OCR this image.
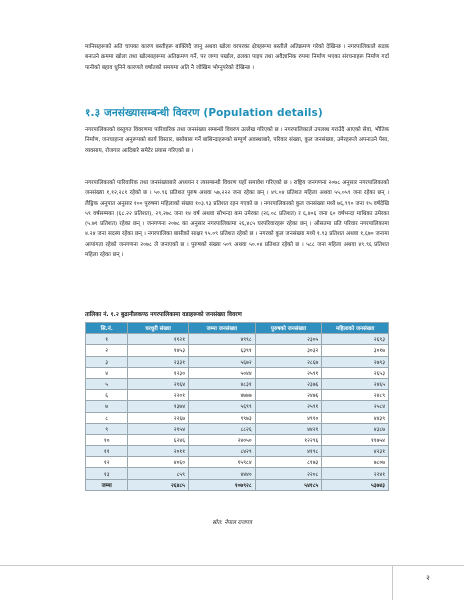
मानिसहरूको अति चापका कारण बस्तीहरू बाक्लिदै जानु अथवा खोला वरपरका क्षेत्रहरूमा बस्तीले अतिक्रमण गरेको देखिन्छ । नगरपालिकाले सडक बनाउने क्रममा खोला तथा खोल्साहरूमा अतिक्रमण गर्ने, पर जग्गा पर्खाल, ढलका पाइप तथा अवैज्ञानिक रुपमा निर्माण भएका संरचनाहरू निर्माण गर्दा पानीको बहाव धुनिने कारणले वर्षातको समयमा अति नै जोखिम भोग्नुपरेको देखिन्छ ।

१.३ जनसंख्यासम्बन्धी विवरण (Population details)

नगरपालिकाको वस्तुगत विवरणमा पारिवारिक तथा जनसंख्या सम्बन्धी विवरण उल्लेख गरिएको छ । नगरपालिकाले उपलब्ध गराउँदै आएको सेवा, भौतिक निर्माण, जनचाहाना अनुरूपको कार्य विस्तार, बसोबास गर्ने बासिन्दाहरूको सम्पूर्ण अवस्थाबारे, परिवार संख्या, कुल जनसंख्या, उमेरहरूले अपनाउने पेसा, व्यवसाय, रोजगार आदिबारे समेटेर प्रयास गरिएको छ ।

नगरपालिकाको पारिवारिक तथा जनसंख्याबारे अध्ययन र त्यसम्बन्धी विवरण यहाँ समावेश गरिएको छ । राष्ट्रिय जनगणना २०७८ अनुसार नगरपालिकाको जनसंख्या १,१२,२८१ रहेको छ । ५०.९६ प्रतिशत पुरुष अथवा ५७,२२२ जना रहेका छन् । ४९.०४ प्रतिशत महिला अथवा ५५,०५९ जना रहेका छन् । लैङ्गिक अनुपात अनुसार १०० पुरुषमा महिलाको संख्या १०३.९३ प्रतिशत रहन गएको छ । नगरपालिकाको कुल जनसंख्या मध्ये ७६,९९० जना १५ वर्षदेखि ५९ वर्षसम्मका (६८.२२ प्रतिशत), २९,२७८ जना १४ वर्ष अथवा सोभन्दा कम उमेरका (२६.०८ प्रतिशत) र ६,४०६ जना ६० वर्षभन्दा माथिका उमेरका (५.७१ प्रतिशत) रहेका छन् । जनगणना २०७८ का अनुसार नगरपालिकामा २६,४८५ घरपरिवारहरू रहेका छन् । औसतमा प्रति परिवार नगरपालिकामा ४.२४ जना सदस्य रहेका छन् । नगरपालिका बासीको साक्षर ९५.०९ प्रतिशत रहेको छ । नगरको कुल जनसंख्या मध्ये १.९३ प्रतिशत अथवा १,६७० जनामा आपांगता रहेको जनगणना २०७८ ले जनाएको छ । पुरुषको संख्या ५०९ अथवा ५०.०४ प्रतिशत रहेको छ । ५८८ जना महिला अथवा ४९.९६ प्रतिशत महिला रहेका छन् ।

तालिका नं. १.२ बुढानीलकण्ठ नगरपालिकामा वडाहरूको जनसंख्या विवरण

सि.नं.	घरधुरी संख्या	जम्मा जनसंख्या	पुरुषको जनसंख्या	महिलाको जनसंख्या
१	११२१	४९९८	२३०५	२६९३
२	१४५३	६३९१	३०३२	३०१७
३	२३३१	५६७२	२८६७	२७९३
४	१२३०	५०४४	२५९१	२६५३
५	२१६४	४८३१	२३७६	२४६५
६	२२०१	४७७७	२४७६	२४८९
७	१३७४	५६९९	२५९१	२५८४
८	२२६७	९९७३	४९१०	४४३९
९	२१५४	८८२६	४४२१	४३८७
१०	६२४६	२४०५०	१२२९६	११७५४
११	२०११	८४२९	४१९८	४२३१
१२	४०६०	१५९८४	८१७३	७८०७
१३	८५९	४४४०	२२०८	२२४१
जम्मा	२६४८५	१०७९२८	५४१८५	५३७४३

स्रोत: नेपाल राजपत्र

२
